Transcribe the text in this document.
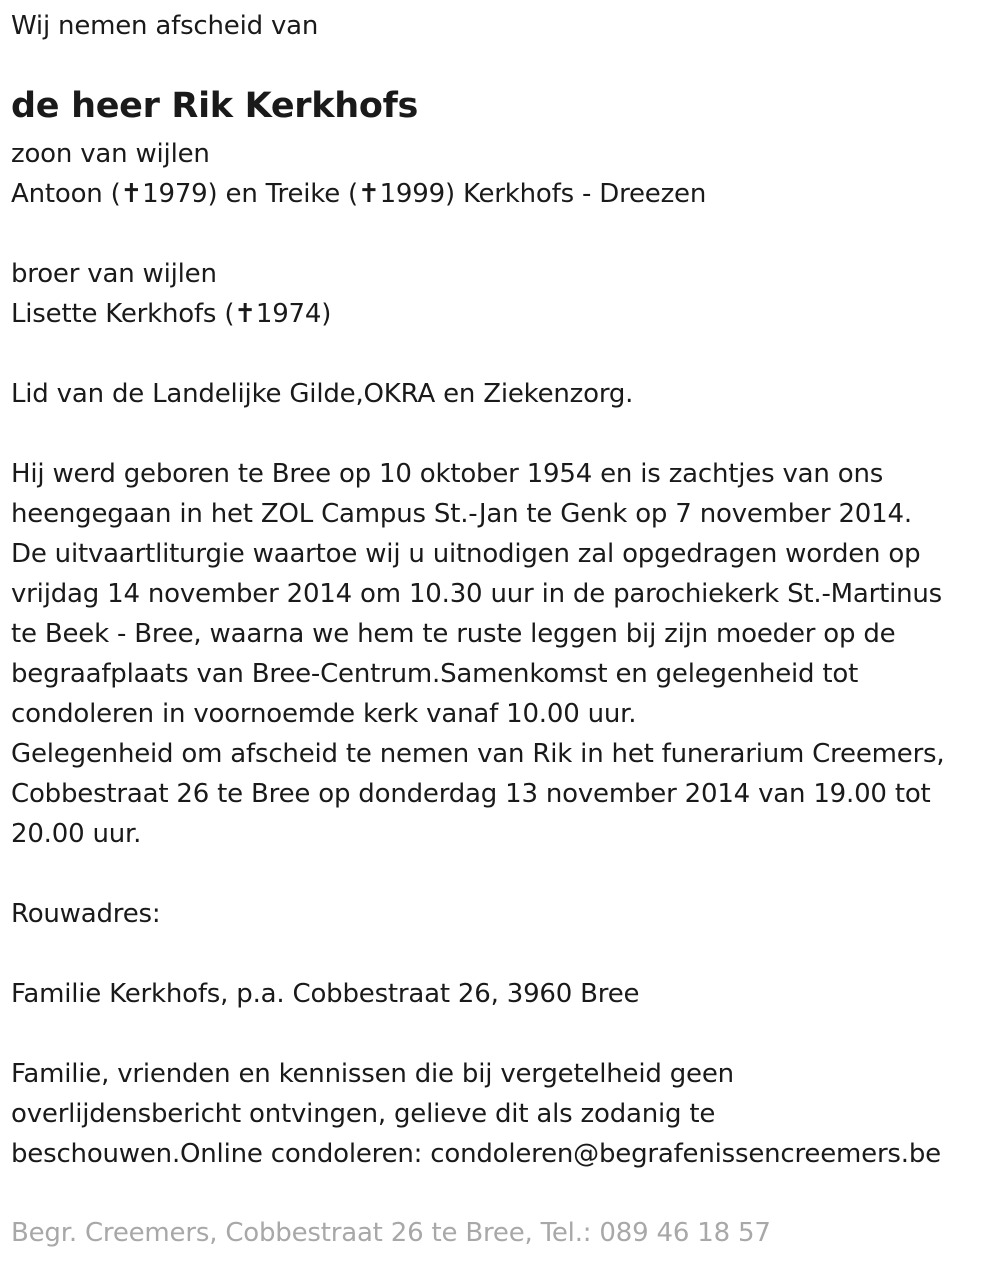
Wij nemen afscheid van
de heer Rik Kerkhofs
zoon van wijlen
Antoon (✝1979) en Treike (✝1999) Kerkhofs - Dreezen
broer van wijlen
Lisette Kerkhofs (✝1974)
Lid van de Landelijke Gilde,OKRA en Ziekenzorg.
Hij werd geboren te Bree op 10 oktober 1954 en is zachtjes van ons
heengegaan in het ZOL Campus St.-Jan te Genk op 7 november 2014.
De uitvaartliturgie waartoe wij u uitnodigen zal opgedragen worden op
vrijdag 14 november 2014 om 10.30 uur in de parochiekerk St.-Martinus
te Beek - Bree, waarna we hem te ruste leggen bij zijn moeder op de
begraafplaats van Bree-Centrum.Samenkomst en gelegenheid tot
condoleren in voornoemde kerk vanaf 10.00 uur.
Gelegenheid om afscheid te nemen van Rik in het funerarium Creemers,
Cobbestraat 26 te Bree op donderdag 13 november 2014 van 19.00 tot
20.00 uur.
Rouwadres:
Familie Kerkhofs, p.a. Cobbestraat 26, 3960 Bree
Familie, vrienden en kennissen die bij vergetelheid geen
overlijdensbericht ontvingen, gelieve dit als zodanig te
beschouwen.Online condoleren: condoleren@begrafenissencreemers.be
Begr. Creemers, Cobbestraat 26 te Bree, Tel.: 089 46 18 57
